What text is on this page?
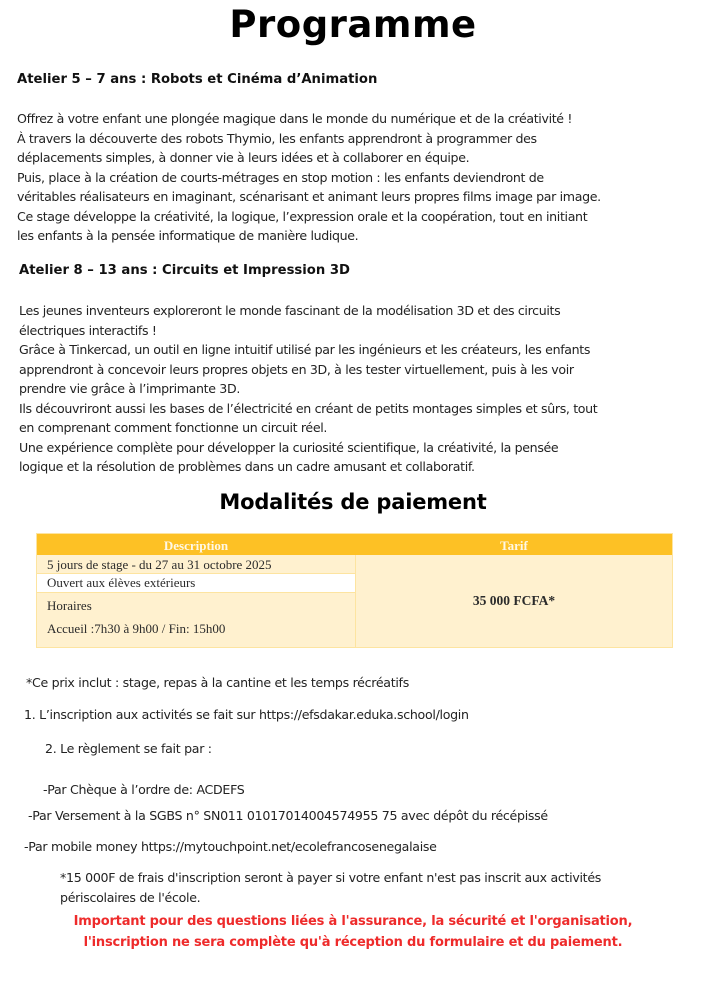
Programme
Atelier 5 – 7 ans : Robots et Cinéma d’Animation
Offrez à votre enfant une plongée magique dans le monde du numérique et de la créativité !
À travers la découverte des robots Thymio, les enfants apprendront à programmer des
déplacements simples, à donner vie à leurs idées et à collaborer en équipe.
Puis, place à la création de courts-métrages en stop motion : les enfants deviendront de
véritables réalisateurs en imaginant, scénarisant et animant leurs propres films image par image.
Ce stage développe la créativité, la logique, l’expression orale et la coopération, tout en initiant
les enfants à la pensée informatique de manière ludique.
Atelier 8 – 13 ans : Circuits et Impression 3D
Les jeunes inventeurs exploreront le monde fascinant de la modélisation 3D et des circuits
électriques interactifs !
Grâce à Tinkercad, un outil en ligne intuitif utilisé par les ingénieurs et les créateurs, les enfants
apprendront à concevoir leurs propres objets en 3D, à les tester virtuellement, puis à les voir
prendre vie grâce à l’imprimante 3D.
Ils découvriront aussi les bases de l’électricité en créant de petits montages simples et sûrs, tout
en comprenant comment fonctionne un circuit réel.
Une expérience complète pour développer la curiosité scientifique, la créativité, la pensée
logique et la résolution de problèmes dans un cadre amusant et collaboratif.
Modalités de paiement
Description	Tarif
5 jours de stage - du 27 au 31 octobre 2025
Ouvert aux élèves extérieurs
Horaires
Accueil :7h30 à 9h00 / Fin: 15h00
35 000 FCFA*
*Ce prix inclut : stage, repas à la cantine et les temps récréatifs
1. L’inscription aux activités se fait sur https://efsdakar.eduka.school/login
2. Le règlement se fait par :
-Par Chèque à l’ordre de: ACDEFS
-Par Versement à la SGBS n° SN011 01017014004574955 75 avec dépôt du récépissé
-Par mobile money https://mytouchpoint.net/ecolefrancosenegalaise
*15 000F de frais d'inscription seront à payer si votre enfant n'est pas inscrit aux activités
périscolaires de l'école.
Important pour des questions liées à l'assurance, la sécurité et l'organisation,
l'inscription ne sera complète qu'à réception du formulaire et du paiement.
